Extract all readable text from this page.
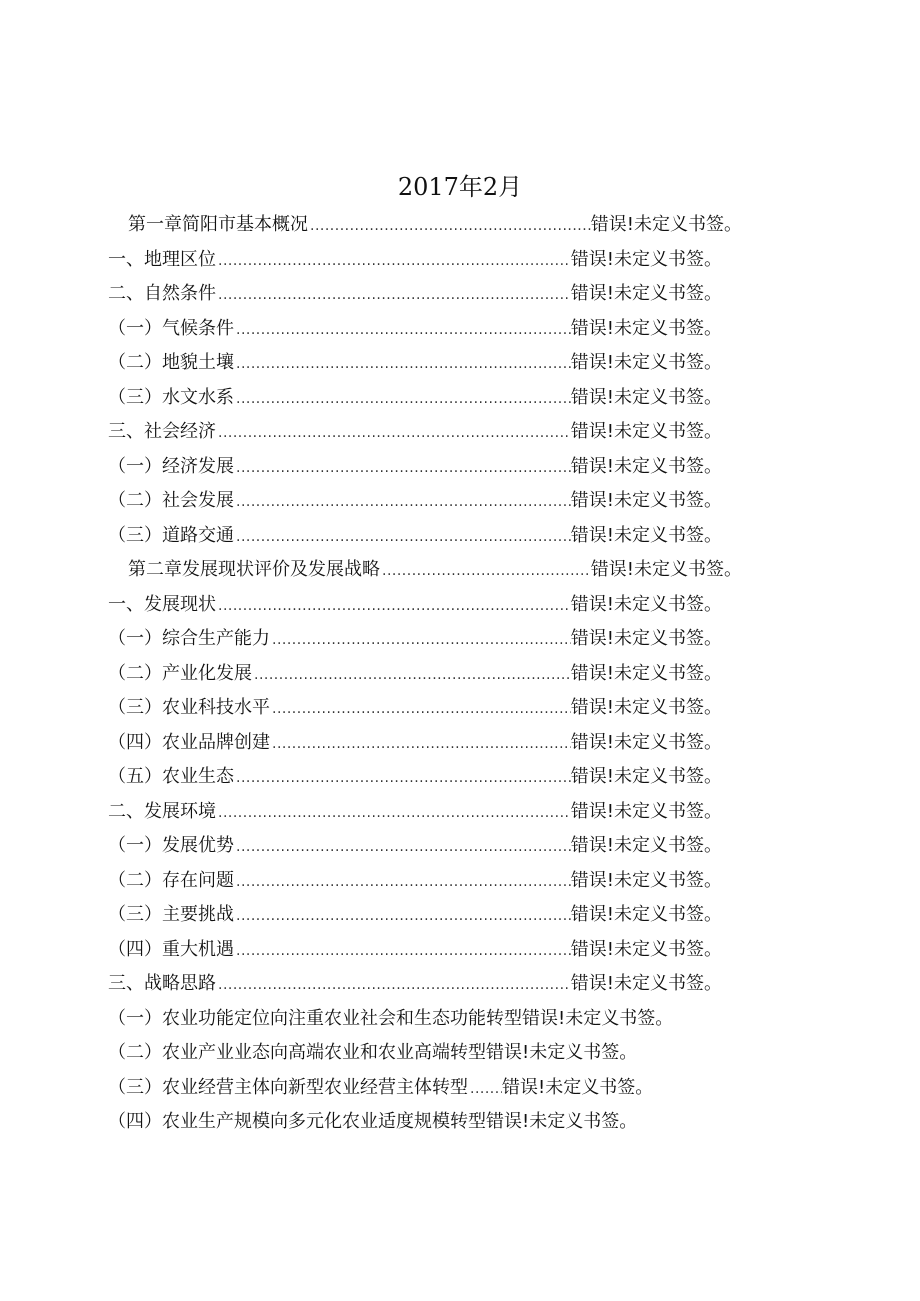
2017年2月
第一章简阳市基本概况 .....	错误!未定义书签。
一、地理区位 .....	错误!未定义书签。
二、自然条件 .....	错误!未定义书签。
（一）气候条件 .....	错误!未定义书签。
（二）地貌土壤 .....	错误!未定义书签。
（三）水文水系 .....	错误!未定义书签。
三、社会经济 .....	错误!未定义书签。
（一）经济发展 .....	错误!未定义书签。
（二）社会发展 .....	错误!未定义书签。
（三）道路交通 .....	错误!未定义书签。
第二章发展现状评价及发展战略 .....	错误!未定义书签。
一、发展现状 .....	错误!未定义书签。
（一）综合生产能力 .....	错误!未定义书签。
（二）产业化发展 .....	错误!未定义书签。
（三）农业科技水平 .....	错误!未定义书签。
（四）农业品牌创建 .....	错误!未定义书签。
（五）农业生态 .....	错误!未定义书签。
二、发展环境 .....	错误!未定义书签。
（一）发展优势 .....	错误!未定义书签。
（二）存在问题 .....	错误!未定义书签。
（三）主要挑战 .....	错误!未定义书签。
（四）重大机遇 .....	错误!未定义书签。
三、战略思路 .....	错误!未定义书签。
（一）农业功能定位向注重农业社会和生态功能转型 错误!未定义书签。
（二）农业产业业态向高端农业和农业高端转型 错误!未定义书签。
（三）农业经营主体向新型农业经营主体转型 ..... 错误!未定义书签。
（四）农业生产规模向多元化农业适度规模转型 错误!未定义书签。
